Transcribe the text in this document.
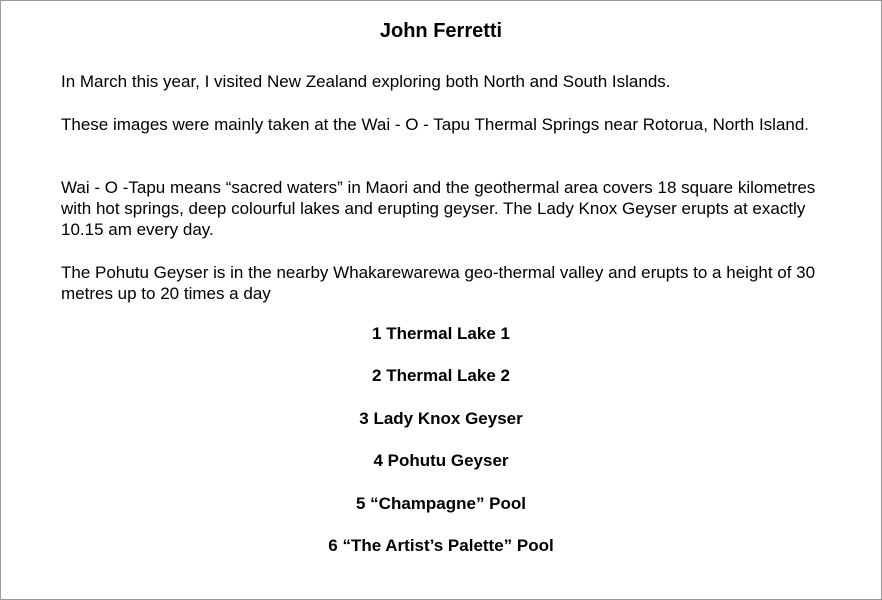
John Ferretti

In March this year, I visited New Zealand exploring both North and South Islands.

These images were mainly taken at the Wai - O - Tapu Thermal Springs near Rotorua, North Island.

Wai - O -Tapu means “sacred waters” in Maori and the geothermal area covers 18 square kilometres with hot springs, deep colourful lakes and erupting geyser. The Lady Knox Geyser erupts at exactly 10.15 am every day.

The Pohutu Geyser is in the nearby Whakarewarewa geo-thermal valley and erupts to a height of 30 metres up to 20 times a day

1 Thermal Lake 1
2 Thermal Lake 2
3 Lady Knox Geyser
4 Pohutu Geyser
5 “Champagne” Pool
6 “The Artist’s Palette” Pool
